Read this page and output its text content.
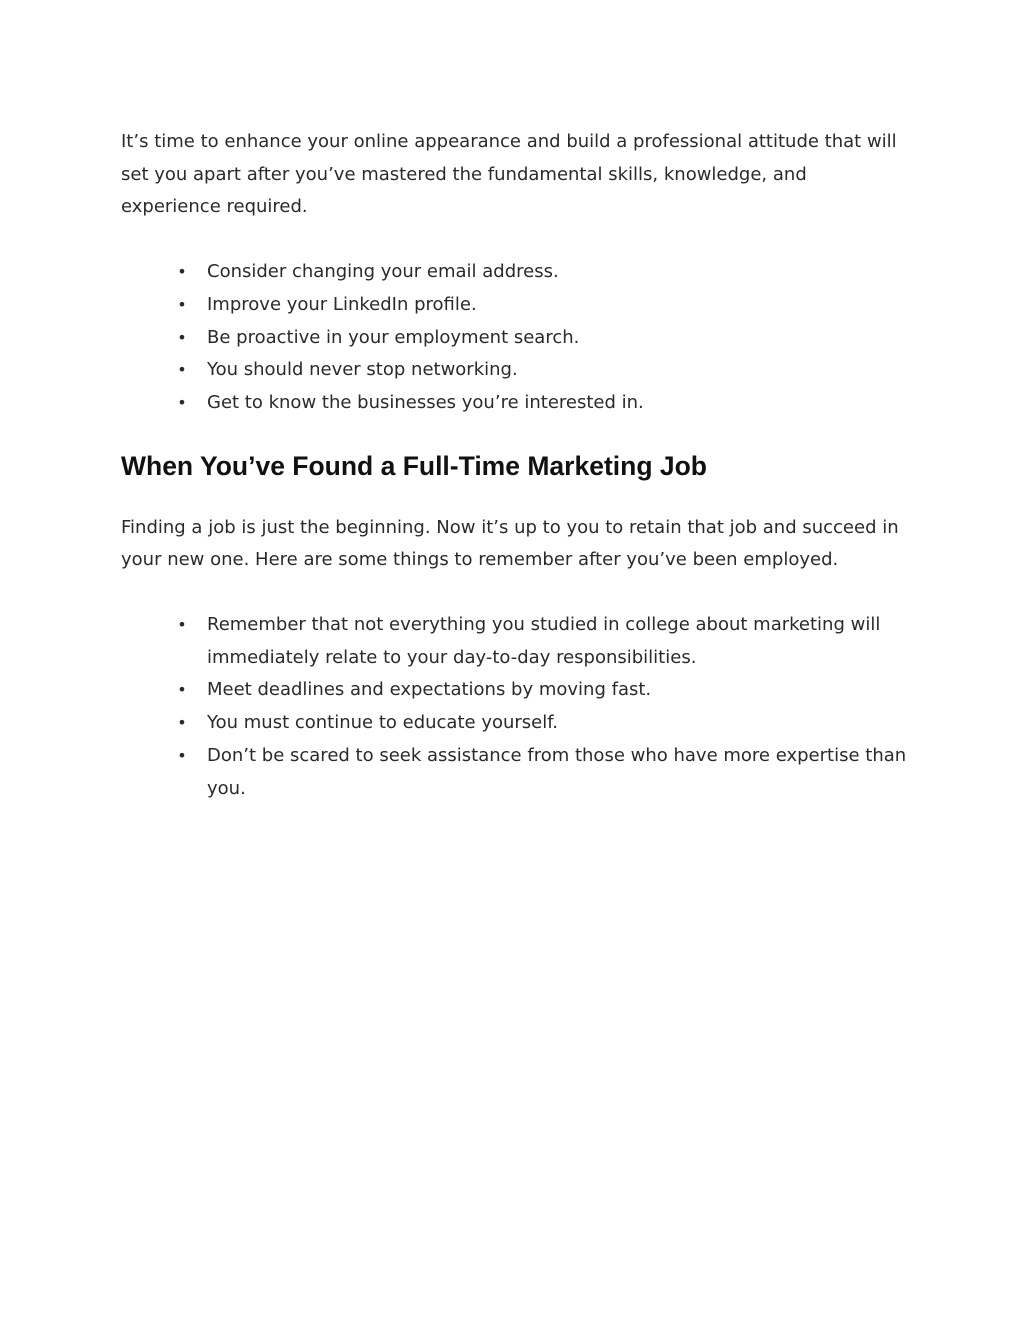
It’s time to enhance your online appearance and build a professional attitude that will set you apart after you’ve mastered the fundamental skills, knowledge, and experience required.

• Consider changing your email address.
• Improve your LinkedIn profile.
• Be proactive in your employment search.
• You should never stop networking.
• Get to know the businesses you’re interested in.
When You’ve Found a Full-Time Marketing Job

Finding a job is just the beginning. Now it’s up to you to retain that job and succeed in your new one. Here are some things to remember after you’ve been employed.

• Remember that not everything you studied in college about marketing will immediately relate to your day-to-day responsibilities.
• Meet deadlines and expectations by moving fast.
• You must continue to educate yourself.
• Don’t be scared to seek assistance from those who have more expertise than you.
